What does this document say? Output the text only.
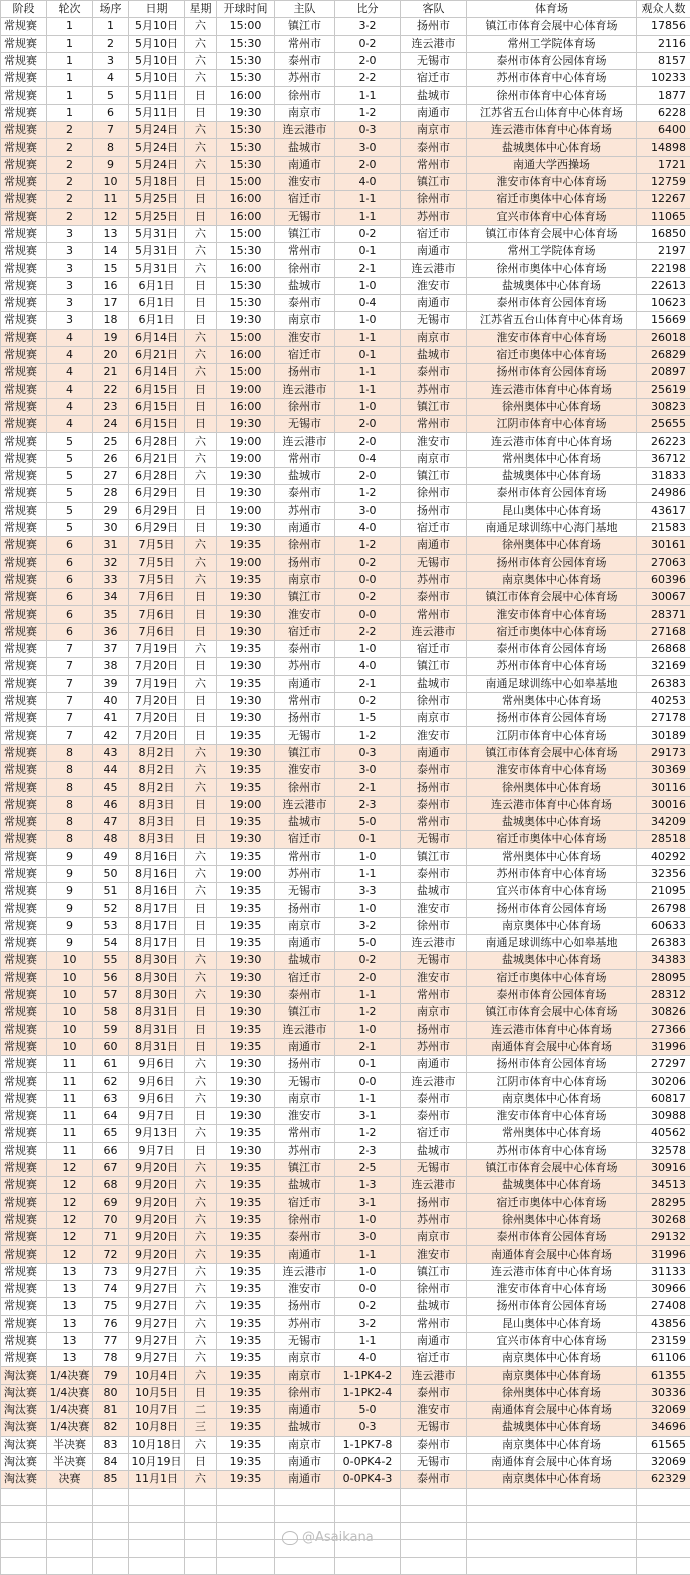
阶段	轮次	场序	日期	星期	开球时间	主队	比分	客队	体育场	观众人数
常规赛	1	1	5月10日	六	15:00	镇江市	3-2	扬州市	镇江市体育会展中心体育场	17856
常规赛	1	2	5月10日	六	15:30	常州市	0-2	连云港市	常州工学院体育场	2116
常规赛	1	3	5月10日	六	15:30	泰州市	2-0	无锡市	泰州市体育公园体育场	8157
常规赛	1	4	5月10日	六	15:30	苏州市	2-2	宿迁市	苏州市体育中心体育场	10233
常规赛	1	5	5月11日	日	16:00	徐州市	1-1	盐城市	徐州市体育中心体育场	1877
常规赛	1	6	5月11日	日	19:30	南京市	1-2	南通市	江苏省五台山体育中心体育场	6228
常规赛	2	7	5月24日	六	15:30	连云港市	0-3	南京市	连云港市体育中心体育场	6400
常规赛	2	8	5月24日	六	15:30	盐城市	3-0	泰州市	盐城奥体中心体育场	14898
常规赛	2	9	5月24日	六	15:30	南通市	2-0	常州市	南通大学西操场	1721
常规赛	2	10	5月18日	日	15:00	淮安市	4-0	镇江市	淮安市体育中心体育场	12759
常规赛	2	11	5月25日	日	16:00	宿迁市	1-1	徐州市	宿迁市奥体中心体育场	12267
常规赛	2	12	5月25日	日	16:00	无锡市	1-1	苏州市	宜兴市体育中心体育场	11065
常规赛	3	13	5月31日	六	15:00	镇江市	0-2	宿迁市	镇江市体育会展中心体育场	16850
常规赛	3	14	5月31日	六	15:30	常州市	0-1	南通市	常州工学院体育场	2197
常规赛	3	15	5月31日	六	16:00	徐州市	2-1	连云港市	徐州市奥体中心体育场	22198
常规赛	3	16	6月1日	日	15:30	盐城市	1-0	淮安市	盐城奥体中心体育场	22613
常规赛	3	17	6月1日	日	15:30	泰州市	0-4	南通市	泰州市体育公园体育场	10623
常规赛	3	18	6月1日	日	19:30	南京市	1-0	无锡市	江苏省五台山体育中心体育场	15669
常规赛	4	19	6月14日	六	15:00	淮安市	1-1	南京市	淮安市体育中心体育场	26018
常规赛	4	20	6月21日	六	16:00	宿迁市	0-1	盐城市	宿迁市奥体中心体育场	26829
常规赛	4	21	6月14日	六	15:00	扬州市	1-1	泰州市	扬州市体育公园体育场	20897
常规赛	4	22	6月15日	日	19:00	连云港市	1-1	苏州市	连云港市体育中心体育场	25619
常规赛	4	23	6月15日	日	16:00	徐州市	1-0	镇江市	徐州奥体中心体育场	30823
常规赛	4	24	6月15日	日	19:30	无锡市	2-0	常州市	江阴市体育中心体育场	25655
常规赛	5	25	6月28日	六	19:00	连云港市	2-0	淮安市	连云港市体育中心体育场	26223
常规赛	5	26	6月21日	六	19:00	常州市	0-4	南京市	常州奥体中心体育场	36712
常规赛	5	27	6月28日	六	19:30	盐城市	2-0	镇江市	盐城奥体中心体育场	31833
常规赛	5	28	6月29日	日	19:30	泰州市	1-2	徐州市	泰州市体育公园体育场	24986
常规赛	5	29	6月29日	日	19:00	苏州市	3-0	扬州市	昆山奥体中心体育场	43617
常规赛	5	30	6月29日	日	19:30	南通市	4-0	宿迁市	南通足球训练中心海门基地	21583
常规赛	6	31	7月5日	六	19:35	徐州市	1-2	南通市	徐州奥体中心体育场	30161
常规赛	6	32	7月5日	六	19:00	扬州市	0-2	无锡市	扬州市体育公园体育场	27063
常规赛	6	33	7月5日	六	19:35	南京市	0-0	苏州市	南京奥体中心体育场	60396
常规赛	6	34	7月6日	日	19:30	镇江市	0-2	泰州市	镇江市体育会展中心体育场	30067
常规赛	6	35	7月6日	日	19:30	淮安市	0-0	常州市	淮安市体育中心体育场	28371
常规赛	6	36	7月6日	日	19:30	宿迁市	2-2	连云港市	宿迁市奥体中心体育场	27168
常规赛	7	37	7月19日	六	19:35	泰州市	1-0	宿迁市	泰州市体育公园体育场	26868
常规赛	7	38	7月20日	日	19:30	苏州市	4-0	镇江市	苏州市体育中心体育场	32169
常规赛	7	39	7月19日	六	19:35	南通市	2-1	盐城市	南通足球训练中心如皋基地	26383
常规赛	7	40	7月20日	日	19:30	常州市	0-2	徐州市	常州奥体中心体育场	40253
常规赛	7	41	7月20日	日	19:30	扬州市	1-5	南京市	扬州市体育公园体育场	27178
常规赛	7	42	7月20日	日	19:35	无锡市	1-2	淮安市	江阴市体育中心体育场	30189
常规赛	8	43	8月2日	六	19:30	镇江市	0-3	南通市	镇江市体育会展中心体育场	29173
常规赛	8	44	8月2日	六	19:35	淮安市	3-0	泰州市	淮安市体育中心体育场	30369
常规赛	8	45	8月2日	六	19:35	徐州市	2-1	扬州市	徐州奥体中心体育场	30116
常规赛	8	46	8月3日	日	19:00	连云港市	2-3	泰州市	连云港市体育中心体育场	30016
常规赛	8	47	8月3日	日	19:35	盐城市	5-0	常州市	盐城奥体中心体育场	34209
常规赛	8	48	8月3日	日	19:30	宿迁市	0-1	无锡市	宿迁市奥体中心体育场	28518
常规赛	9	49	8月16日	六	19:35	常州市	1-0	镇江市	常州奥体中心体育场	40292
常规赛	9	50	8月16日	六	19:00	苏州市	1-1	泰州市	苏州市体育中心体育场	32356
常规赛	9	51	8月16日	六	19:35	无锡市	3-3	盐城市	宜兴市体育中心体育场	21095
常规赛	9	52	8月17日	日	19:35	扬州市	1-0	淮安市	扬州市体育公园体育场	26798
常规赛	9	53	8月17日	日	19:35	南京市	3-2	徐州市	南京奥体中心体育场	60633
常规赛	9	54	8月17日	日	19:35	南通市	5-0	连云港市	南通足球训练中心如皋基地	26383
常规赛	10	55	8月30日	六	19:30	盐城市	0-2	无锡市	盐城奥体中心体育场	34383
常规赛	10	56	8月30日	六	19:30	宿迁市	2-0	淮安市	宿迁市奥体中心体育场	28095
常规赛	10	57	8月30日	六	19:30	泰州市	1-1	常州市	泰州市体育公园体育场	28312
常规赛	10	58	8月31日	日	19:30	镇江市	1-2	南京市	镇江市体育会展中心体育场	30826
常规赛	10	59	8月31日	日	19:35	连云港市	1-0	扬州市	连云港市体育中心体育场	27366
常规赛	10	60	8月31日	日	19:35	南通市	2-1	苏州市	南通体育会展中心体育场	31996
常规赛	11	61	9月6日	六	19:30	扬州市	0-1	南通市	扬州市体育公园体育场	27297
常规赛	11	62	9月6日	六	19:30	无锡市	0-0	连云港市	江阴市体育中心体育场	30206
常规赛	11	63	9月6日	六	19:30	南京市	1-1	泰州市	南京奥体中心体育场	60817
常规赛	11	64	9月7日	日	19:30	淮安市	3-1	泰州市	淮安市体育中心体育场	30988
常规赛	11	65	9月13日	六	19:35	常州市	1-2	宿迁市	常州奥体中心体育场	40562
常规赛	11	66	9月7日	日	19:30	苏州市	2-3	盐城市	苏州市体育中心体育场	32578
常规赛	12	67	9月20日	六	19:35	镇江市	2-5	无锡市	镇江市体育会展中心体育场	30916
常规赛	12	68	9月20日	六	19:35	盐城市	1-3	连云港市	盐城奥体中心体育场	34513
常规赛	12	69	9月20日	六	19:35	宿迁市	3-1	扬州市	宿迁市奥体中心体育场	28295
常规赛	12	70	9月20日	六	19:35	徐州市	1-0	苏州市	徐州奥体中心体育场	30268
常规赛	12	71	9月20日	六	19:35	泰州市	3-0	南京市	泰州市体育公园体育场	29132
常规赛	12	72	9月20日	六	19:35	南通市	1-1	淮安市	南通体育会展中心体育场	31996
常规赛	13	73	9月27日	六	19:35	连云港市	1-0	镇江市	连云港市体育中心体育场	31133
常规赛	13	74	9月27日	六	19:35	淮安市	0-0	徐州市	淮安市体育中心体育场	30966
常规赛	13	75	9月27日	六	19:35	扬州市	0-2	盐城市	扬州市体育公园体育场	27408
常规赛	13	76	9月27日	六	19:35	苏州市	3-2	常州市	昆山奥体中心体育场	43856
常规赛	13	77	9月27日	六	19:35	无锡市	1-1	南通市	宜兴市体育中心体育场	23159
常规赛	13	78	9月27日	六	19:35	南京市	4-0	宿迁市	南京奥体中心体育场	61106
淘汰赛	1/4决赛	79	10月4日	六	19:35	南京市	1-1PK4-2	连云港市	南京奥体中心体育场	61355
淘汰赛	1/4决赛	80	10月5日	日	19:35	徐州市	1-1PK2-4	泰州市	徐州奥体中心体育场	30336
淘汰赛	1/4决赛	81	10月7日	二	19:35	南通市	5-0	淮安市	南通体育会展中心体育场	32069
淘汰赛	1/4决赛	82	10月8日	三	19:35	盐城市	0-3	无锡市	盐城奥体中心体育场	34696
淘汰赛	半决赛	83	10月18日	六	19:35	南京市	1-1PK7-8	泰州市	南京奥体中心体育场	61565
淘汰赛	半决赛	84	10月19日	日	19:35	南通市	0-0PK4-2	无锡市	南通体育会展中心体育场	32069
淘汰赛	决赛	85	11月1日	六	19:35	南通市	0-0PK4-3	泰州市	南京奥体中心体育场	62329

@Asaikana
